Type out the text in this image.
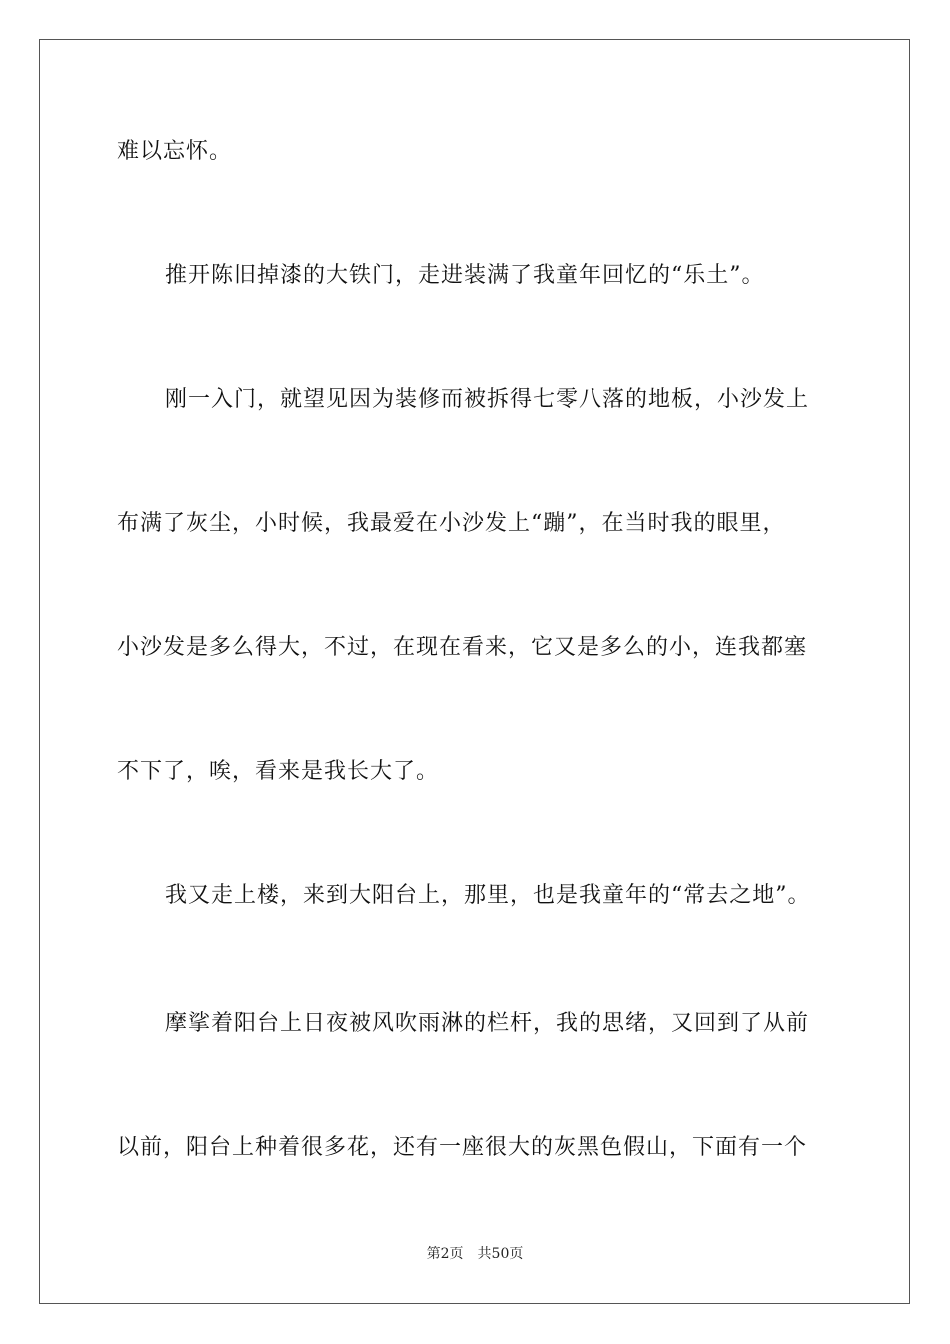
难以忘怀。
推开陈旧掉漆的大铁门，走进装满了我童年回忆的“乐土”。
刚一入门，就望见因为装修而被拆得七零八落的地板，小沙发上
布满了灰尘，小时候，我最爱在小沙发上“蹦”，在当时我的眼里，
小沙发是多么得大，不过，在现在看来，它又是多么的小，连我都塞
不下了，唉，看来是我长大了。
我又走上楼，来到大阳台上，那里，也是我童年的“常去之地”。
摩挲着阳台上日夜被风吹雨淋的栏杆，我的思绪，又回到了从前
以前，阳台上种着很多花，还有一座很大的灰黑色假山，下面有一个
第2页 共50页
